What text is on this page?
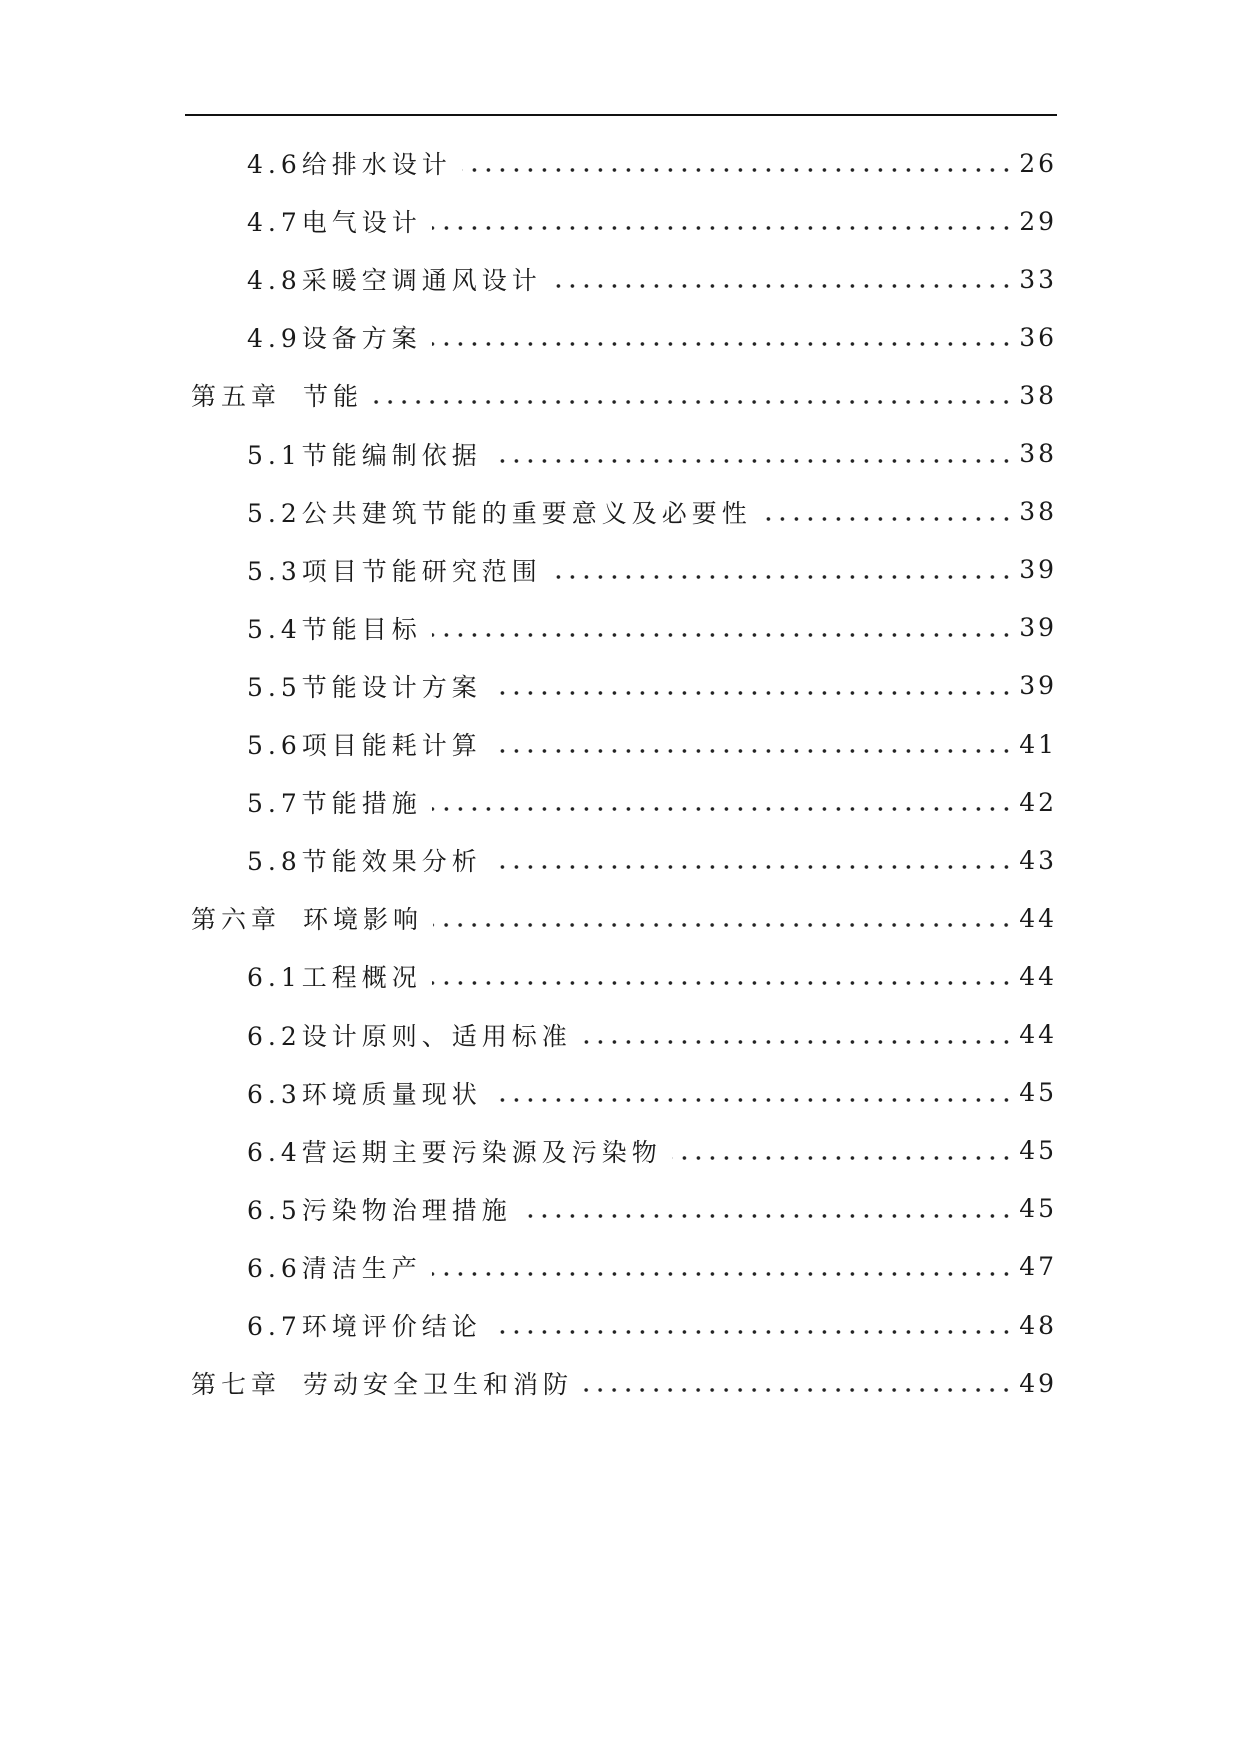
4.6给排水设计	26
4.7电气设计	29
4.8采暖空调通风设计	33
4.9设备方案	36
第五章 节能	38
5.1节能编制依据	38
5.2公共建筑节能的重要意义及必要性	38
5.3项目节能研究范围	39
5.4节能目标	39
5.5节能设计方案	39
5.6项目能耗计算	41
5.7节能措施	42
5.8节能效果分析	43
第六章 环境影响	44
6.1工程概况	44
6.2设计原则、适用标准	44
6.3环境质量现状	45
6.4营运期主要污染源及污染物	45
6.5污染物治理措施	45
6.6清洁生产	47
6.7环境评价结论	48
第七章 劳动安全卫生和消防	49
